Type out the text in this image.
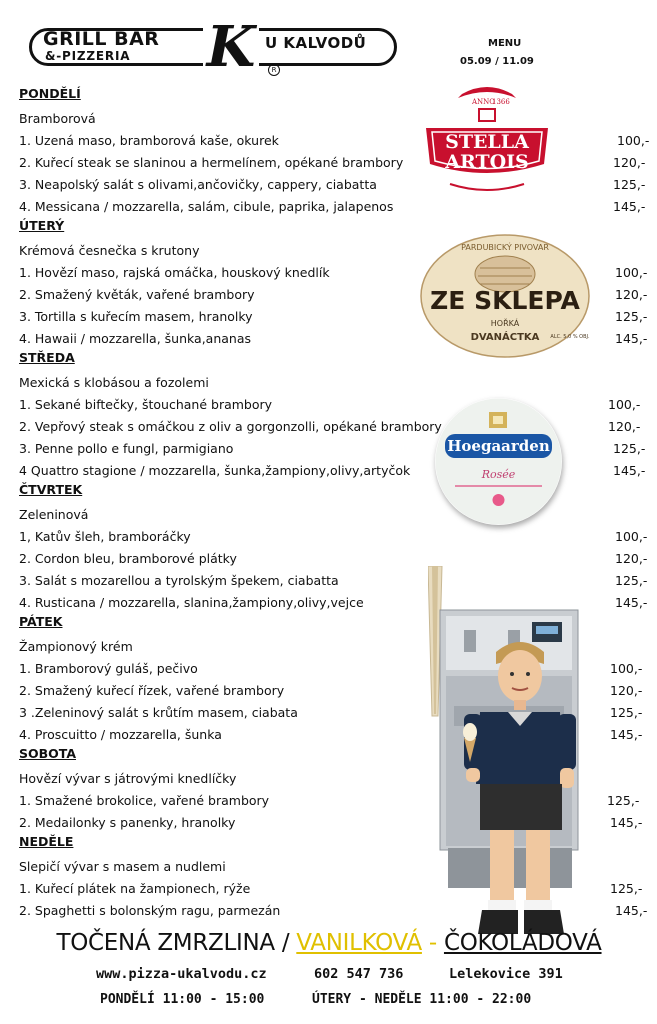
GRILL BAR
&-PIZZERIA K U KALVODŮ
R
MENU
05.09 / 11.09
PONDĚLÍ
Bramborová
1. Uzená maso, bramborová kaše, okurek	100,-
2. Kuřecí steak se slaninou a hermelínem, opékané brambory	120,-
3. Neapolský salát s olivami,ančovičky, cappery, ciabatta	125,-
4. Messicana / mozzarella, salám, cibule, paprika, jalapenos	145,-
ÚTERÝ
Krémová česnečka s krutony
1. Hovězí maso, rajská omáčka, houskový knedlík	100,-
2. Smažený květák, vařené brambory	120,-
3. Tortilla s kuřecím masem, hranolky	125,-
4. Hawaii / mozzarella, šunka,ananas	145,-
STŘEDA
Mexická s klobásou a fozolemi
1. Sekané biftečky, štouchané brambory	100,-
2. Vepřový steak s omáčkou z oliv a gorgonzolli, opékané brambory	120,-
3. Penne pollo e fungl, parmigiano	125,-
4 Quattro stagione / mozzarella, šunka,žampiony,olivy,artyčok	145,-
ČTVRTEK
Zeleninová
1, Katův šleh, bramboráčky	100,-
2. Cordon bleu, bramborové plátky	120,-
3. Salát s mozarellou a tyrolským špekem, ciabatta	125,-
4. Rusticana / mozzarella, slanina,žampiony,olivy,vejce	145,-
PÁTEK
Žampionový krém
1. Bramborový guláš, pečivo	100,-
2. Smažený kuřecí řízek, vařené brambory	120,-
3 .Zeleninový salát s krůtím masem, ciabata	125,-
4. Proscuitto / mozzarella, šunka	145,-
SOBOTA
Hovězí vývar s játrovými knedlíčky
1. Smažené brokolice, vařené brambory	125,-
2. Medailonky s panenky, hranolky	145,-
NEDĚLE
Slepičí vývar s masem a nudlemi
1. Kuřecí plátek na žampionech, rýže	125,-
2. Spaghetti s bolonským ragu, parmezán	145,-
ANNO
1366
STELLA
ARTOIS
PARDUBICKÝ PIVOVAR
ZE SKLEPA
HOŘKÁ
DVANÁCTKA ALC. 5,0 % OBJ.
Hoegaarden
Rosée
TOČENÁ ZMRZLINA / VANILKOVÁ - ČOKOLÁDOVÁ
www.pizza-ukalvodu.cz	602 547 736	Lelekovice 391
PONDĚLÍ 11:00 - 15:00	ÚTERY - NEDĚLE 11:00 - 22:00
